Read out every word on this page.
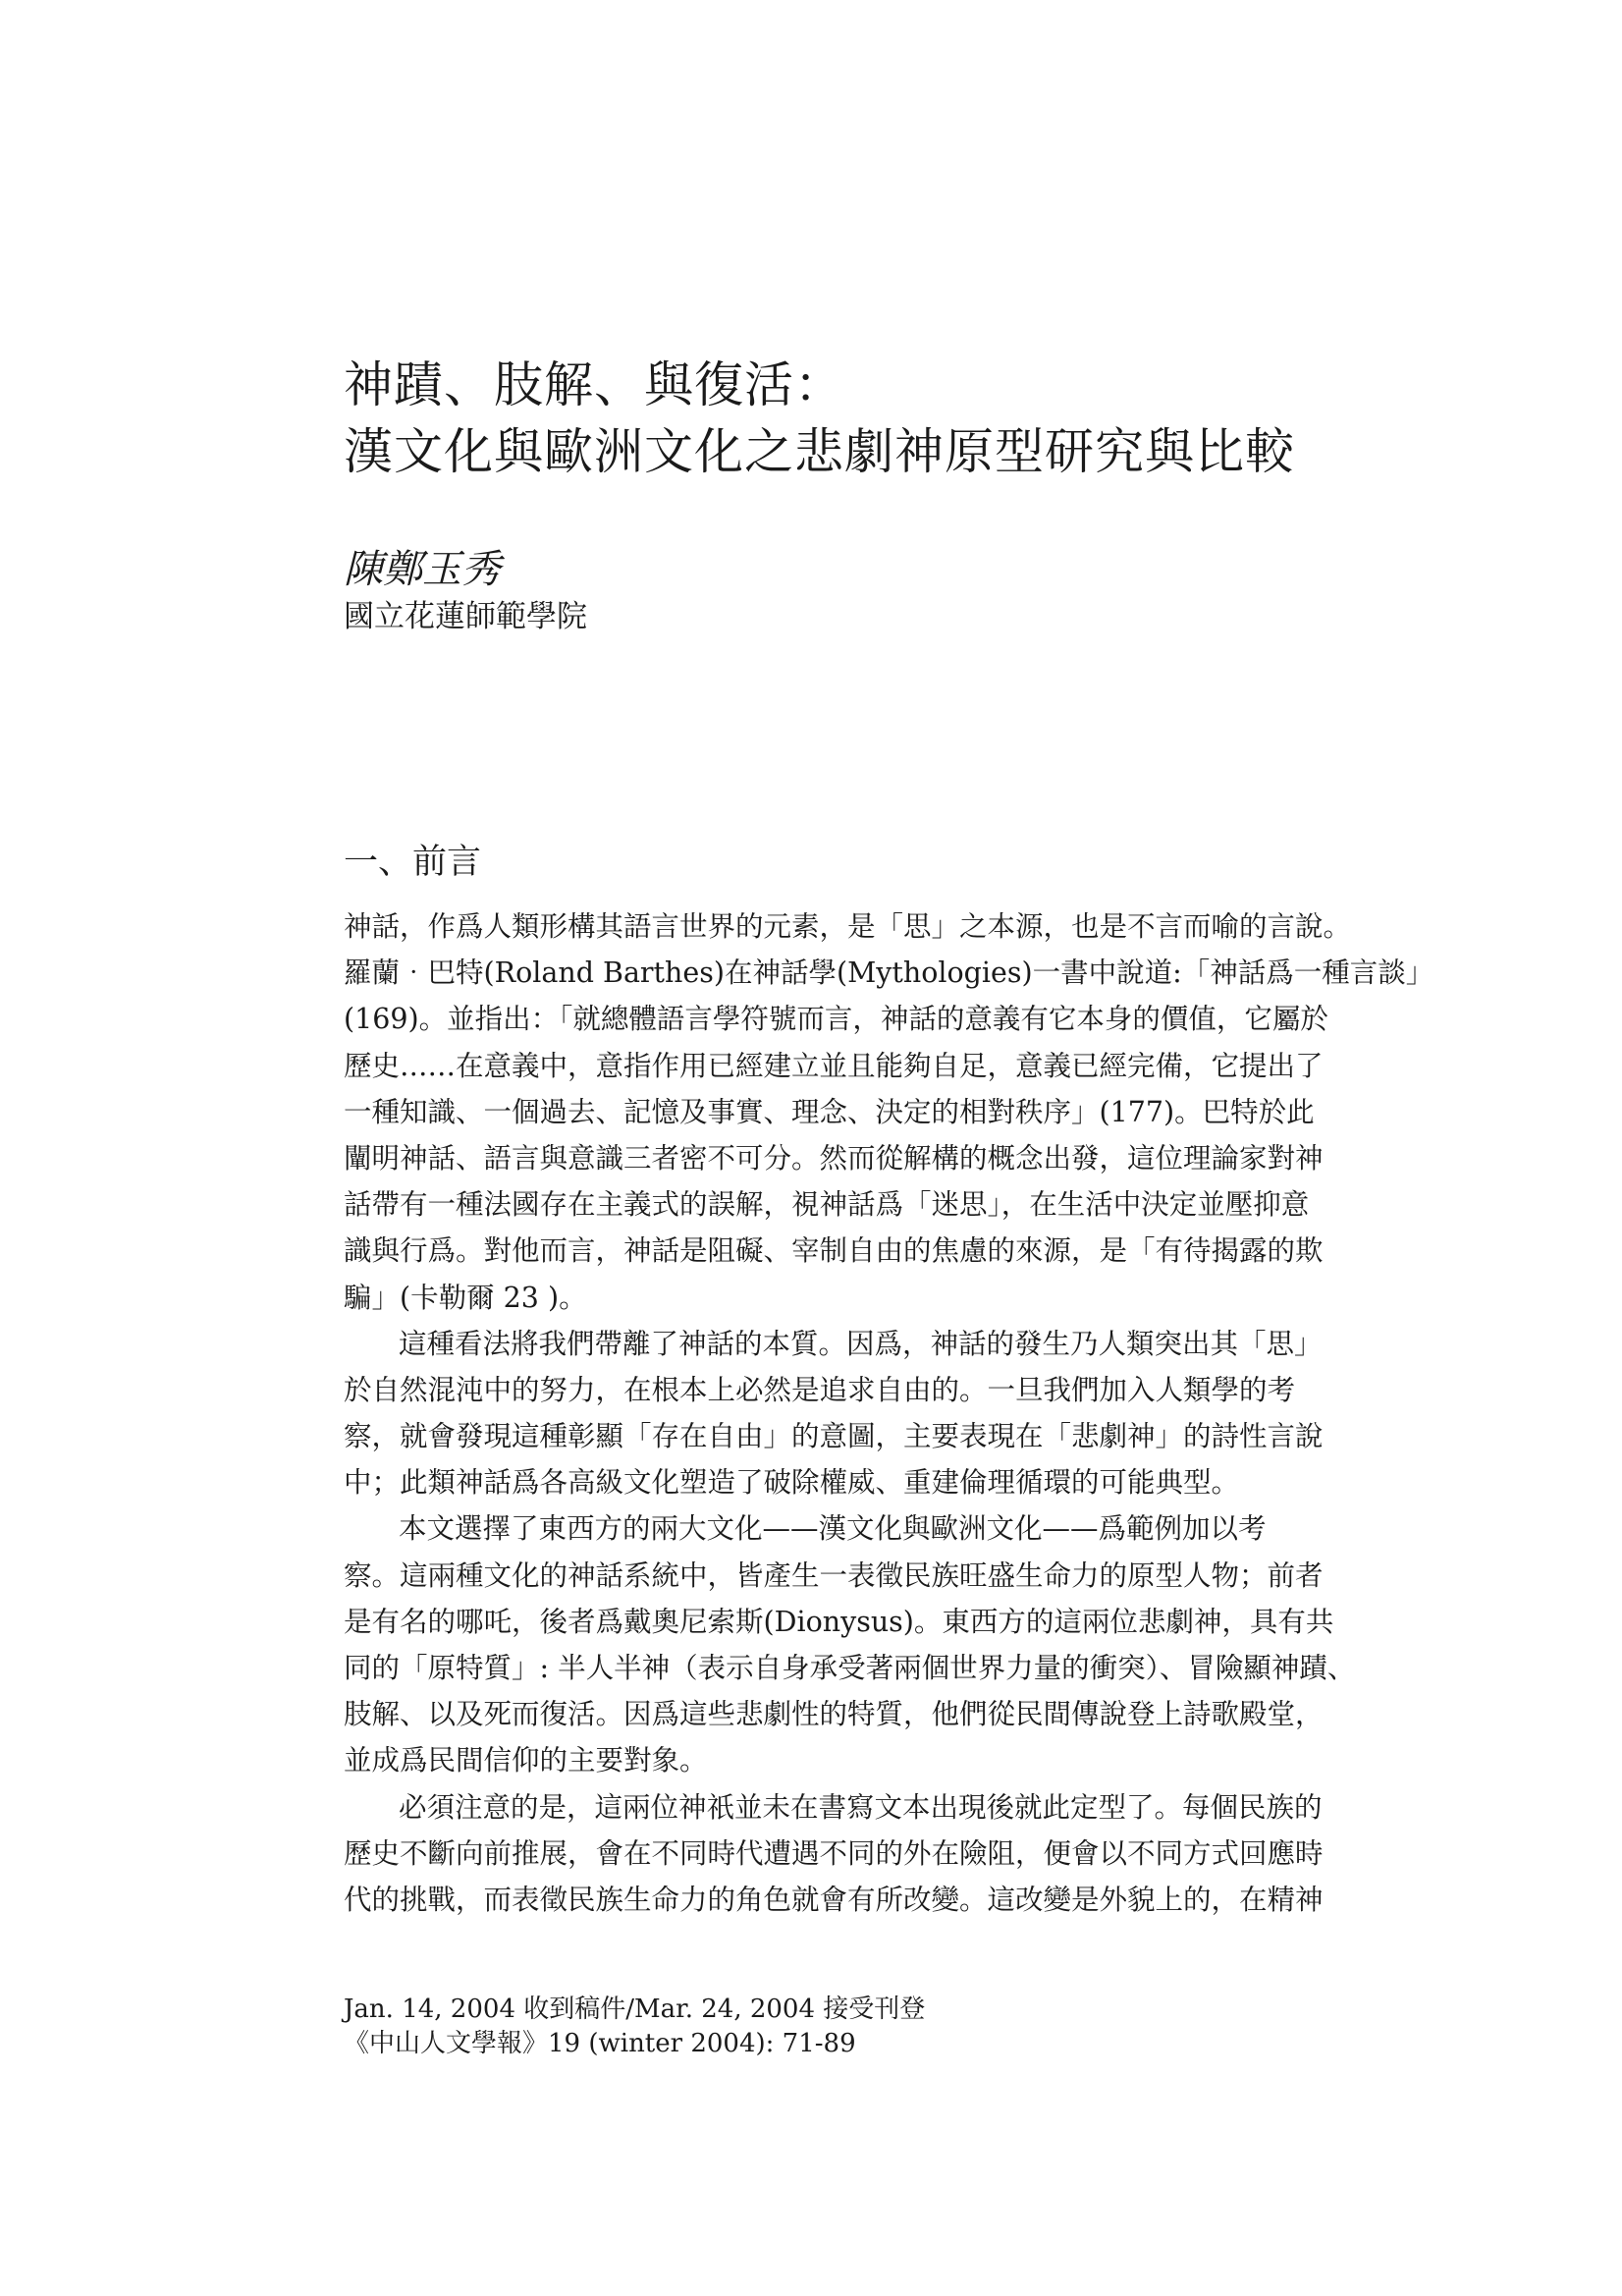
神蹟、肢解、與復活：
漢文化與歐洲文化之悲劇神原型研究與比較
陳鄭玉秀
國立花蓮師範學院
一、前言
神話，作爲人類形構其語言世界的元素，是「思」之本源，也是不言而喻的言說。
羅蘭‧巴特(Roland Barthes)在神話學(Mythologies)一書中說道:「神話爲一種言談」
(169)。並指出：「就總體語言學符號而言，神話的意義有它本身的價值，它屬於
歷史……在意義中，意指作用已經建立並且能夠自足，意義已經完備，它提出了
一種知識、一個過去、記憶及事實、理念、決定的相對秩序」(177)。巴特於此
闡明神話、語言與意識三者密不可分。然而從解構的概念出發，這位理論家對神
話帶有一種法國存在主義式的誤解，視神話爲「迷思」，在生活中決定並壓抑意
識與行爲。對他而言，神話是阻礙、宰制自由的焦慮的來源，是「有待揭露的欺
騙」(卡勒爾 23 )。
這種看法將我們帶離了神話的本質。因爲，神話的發生乃人類突出其「思」
於自然混沌中的努力，在根本上必然是追求自由的。一旦我們加入人類學的考
察，就會發現這種彰顯「存在自由」的意圖，主要表現在「悲劇神」的詩性言說
中；此類神話爲各高級文化塑造了破除權威、重建倫理循環的可能典型。
本文選擇了東西方的兩大文化——漢文化與歐洲文化——爲範例加以考
察。這兩種文化的神話系統中，皆產生一表徵民族旺盛生命力的原型人物；前者
是有名的哪吒，後者爲戴奧尼索斯(Dionysus)。東西方的這兩位悲劇神，具有共
同的「原特質」: 半人半神（表示自身承受著兩個世界力量的衝突）、冒險顯神蹟、
肢解、以及死而復活。因爲這些悲劇性的特質，他們從民間傳說登上詩歌殿堂，
並成爲民間信仰的主要對象。
必須注意的是，這兩位神祇並未在書寫文本出現後就此定型了。每個民族的
歷史不斷向前推展，會在不同時代遭遇不同的外在險阻，便會以不同方式回應時
代的挑戰，而表徵民族生命力的角色就會有所改變。這改變是外貌上的，在精神
Jan. 14, 2004 收到稿件/Mar. 24, 2004 接受刊登
《中山人文學報》19 (winter 2004): 71-89
